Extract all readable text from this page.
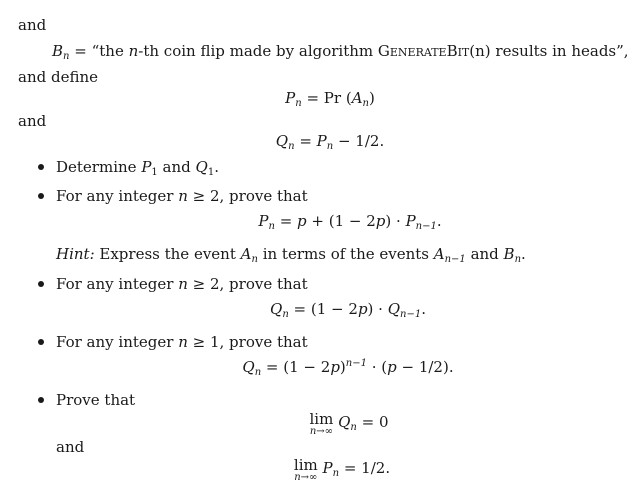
and
$B_n$ = “the n-th coin flip made by algorithm GenerateBit(n) results in heads”,
and define
$P_n = Pr$ $(A_n)$
and
$Q_n = P_n - 1/2$.
Determine $P_1$ and $Q_1$.
For any integer n ≥ 2, prove that
$P_n = p + (1 - 2p) \cdot P_{n-1}$.
Hint: Express the event $A_n$ in terms of the events $A_{n-1}$ and $B_n$.
For any integer n ≥ 2, prove that
$Q_n = (1 - 2p) \cdot Q_{n-1}$.
For any integer n ≥ 1, prove that
$Q_n = (1 - 2p)^{n-1} \cdot (p - 1/2)$.
Prove that
lim
n→∞
$Q_n = 0$
and
lim
n→∞
$P_n = 1/2$.
